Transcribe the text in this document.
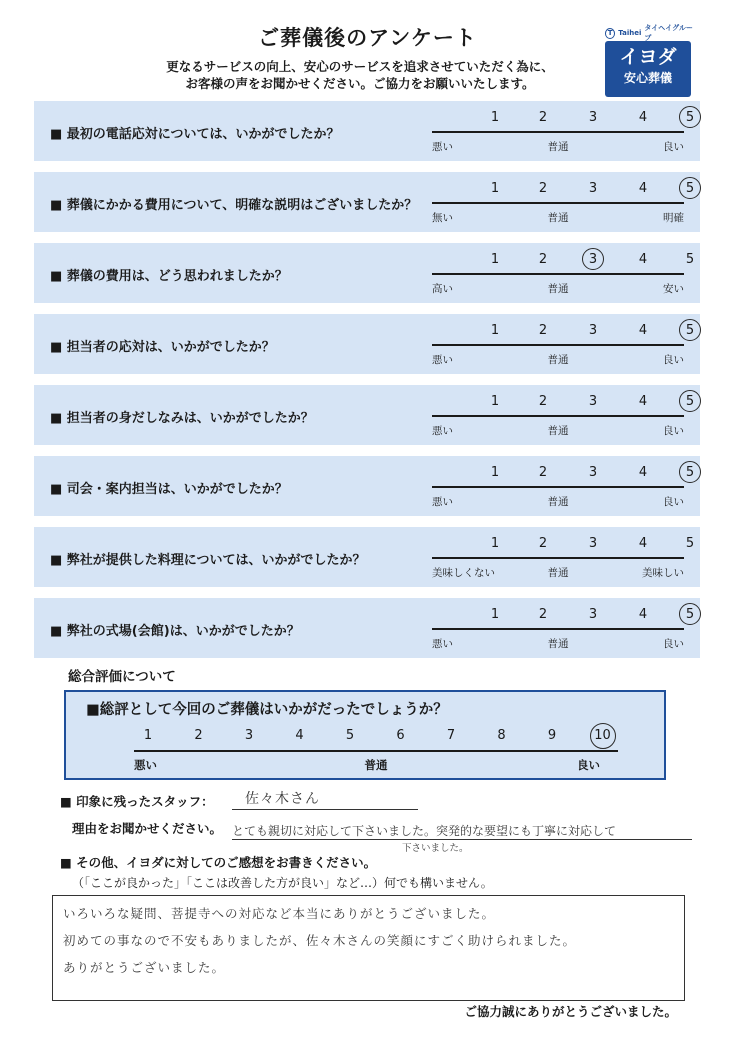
ご葬儀後のアンケート
更なるサービスの向上、安心のサービスを追求させていただく為に、
お客様の声をお聞かせください。ご協力をお願いいたします。
T Taihei
タイヘイグループ
イヨダ
安心葬儀
■ 最初の電話応対については、いかがでしたか？
1	2	3	4	5
悪い	普通	良い
■ 葬儀にかかる費用について、明確な説明はございましたか？
1	2	3	4	5
無い	普通	明確
■ 葬儀の費用は、どう思われましたか？
1	2	3	4	5
高い	普通	安い
■ 担当者の応対は、いかがでしたか？
1	2	3	4	5
悪い	普通	良い
■ 担当者の身だしなみは、いかがでしたか？
1	2	3	4	5
悪い	普通	良い
■ 司会・案内担当は、いかがでしたか？
1	2	3	4	5
悪い	普通	良い
■ 弊社が提供した料理については、いかがでしたか？
1	2	3	4	5
美味しくない	普通	美味しい
■ 弊社の式場(会館)は、いかがでしたか？
1	2	3	4	5
悪い	普通	良い
総合評価について
■総評として今回のご葬儀はいかがだったでしょうか？
悪い	普通	良い
1	2	3	4	5	6	7	8	9	10
■ 印象に残ったスタッフ： 佐々木さん
理由をお聞かせください。 とても親切に対応して下さいました。突発的な要望にも丁寧に対応して
下さいました。
■ その他、イヨダに対してのご感想をお書きください。
（「ここが良かった」「ここは改善した方が良い」など…）何でも構いません。
いろいろな疑問、菩提寺への対応など本当にありがとうございました。
初めての事なので不安もありましたが、佐々木さんの笑顔にすごく助けられました。
ありがとうございました。
ご協力誠にありがとうございました。
